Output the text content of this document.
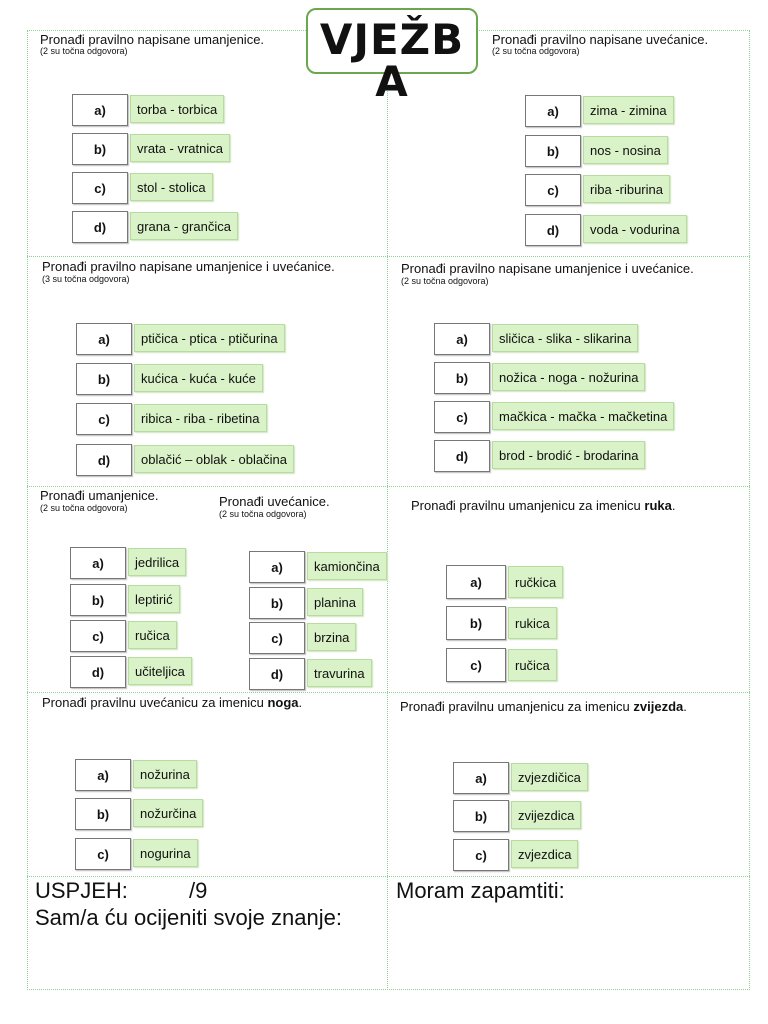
VJEŽBA
Pronađi pravilno napisane umanjenice.
(2 su točna odgovora)
a)	torba - torbica
b)	vrata - vratnica
c)	stol - stolica
d)	grana - grančica
Pronađi pravilno napisane uvećanice.
(2 su točna odgovora)
a)	zima - zimina
b)	nos - nosina
c)	riba -riburina
d)	voda - vodurina
Pronađi pravilno napisane umanjenice i uvećanice.
(3 su točna odgovora)
a)	ptičica - ptica - ptičurina
b)	kućica - kuća - kuće
c)	ribica - riba - ribetina
d)	oblačić – oblak - oblačina
Pronađi pravilno napisane umanjenice i uvećanice.
(2 su točna odgovora)
a)	sličica - slika - slikarina
b)	nožica - noga - nožurina
c)	mačkica - mačka - mačketina
d)	brod - brodić - brodarina
Pronađi umanjenice.
(2 su točna odgovora)
a)	jedrilica
b)	leptirić
c)	ručica
d)	učiteljica
Pronađi uvećanice.
(2 su točna odgovora)
a)	kamiončina
b)	planina
c)	brzina
d)	travurina
Pronađi pravilnu umanjenicu za imenicu ruka.
a)	ručkica
b)	rukica
c)	ručica
Pronađi pravilnu uvećanicu za imenicu noga.
a)	nožurina
b)	nožurčina
c)	nogurina
Pronađi pravilnu umanjenicu za imenicu zvijezda.
a)	zvjezdičica
b)	zvijezdica
c)	zvjezdica
USPJEH:          /9
Sam/a ću ocijeniti svoje znanje:
Moram zapamtiti:
